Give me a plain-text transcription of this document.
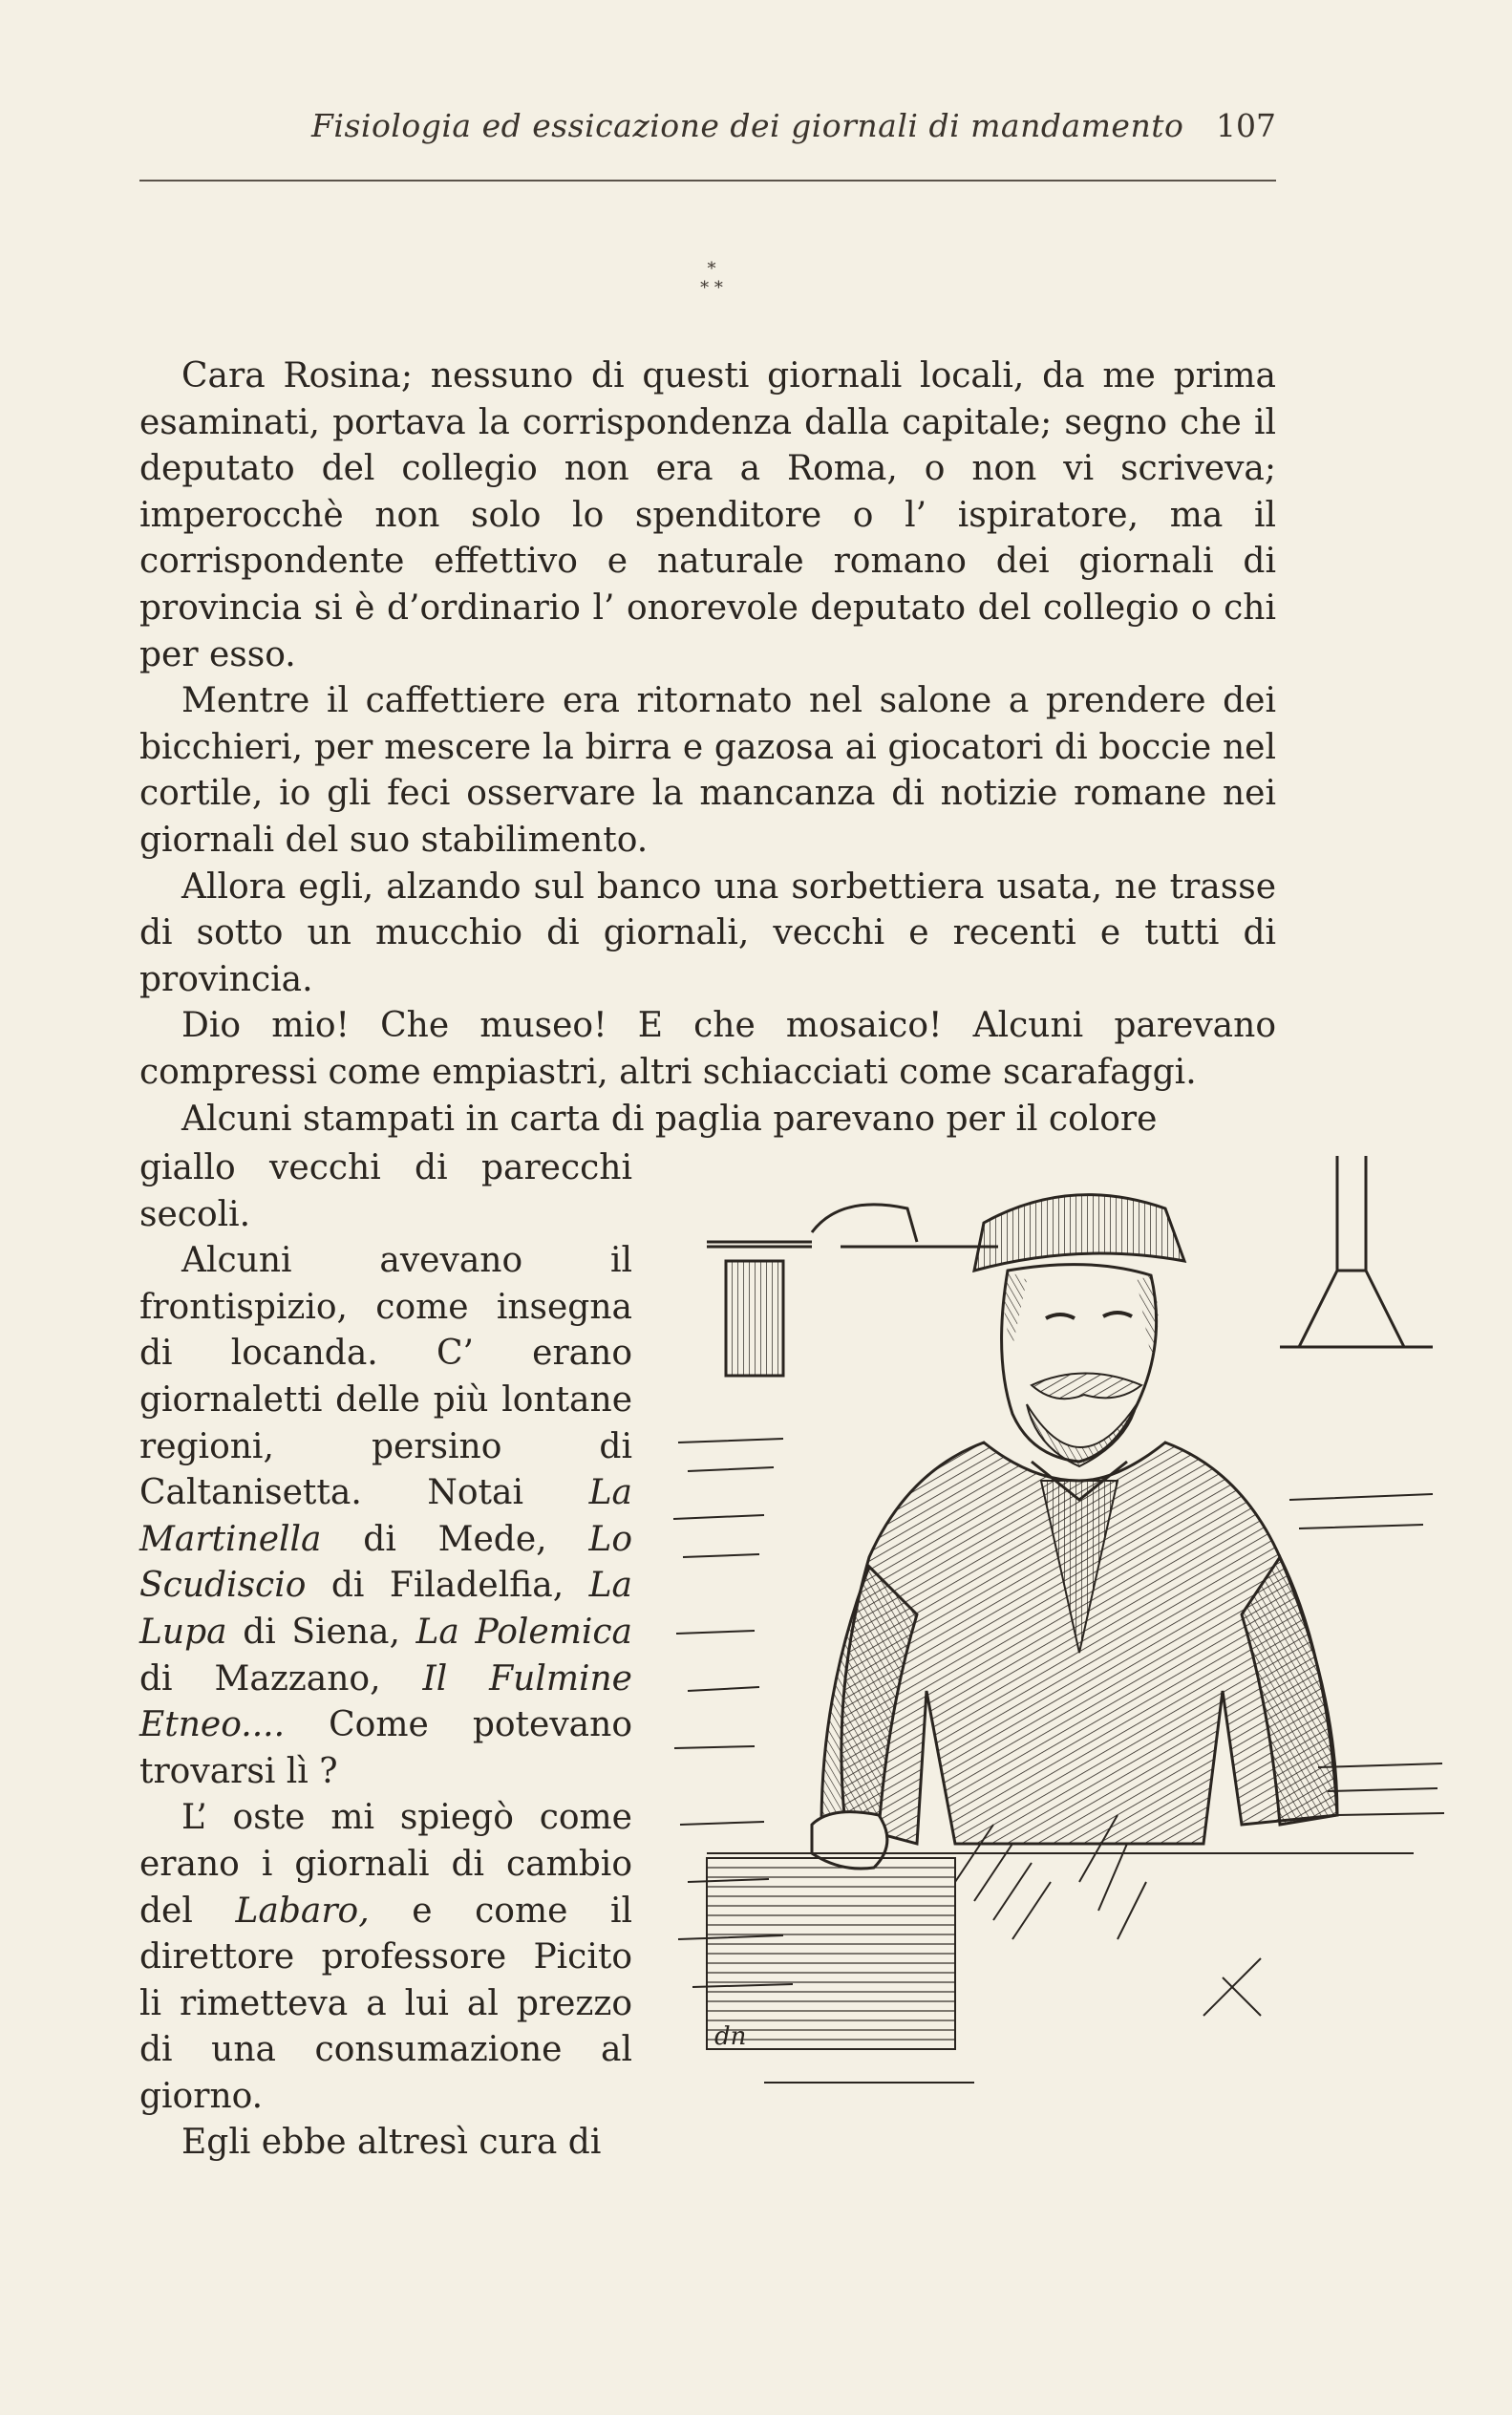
Fisiologia ed essicazione dei giornali di mandamento 107
*
* *

Cara Rosina; nessuno di questi giornali locali, da me prima esaminati, portava la corrispondenza dalla capitale; segno che il deputato del collegio non era a Roma, o non vi scriveva; imperocchè non solo lo spenditore o l’ ispiratore, ma il corrispondente effettivo e naturale romano dei giornali di provincia si è d’ordinario l’ onorevole deputato del collegio o chi per esso.

Mentre il caffettiere era ritornato nel salone a prendere dei bicchieri, per mescere la birra e gazosa ai giocatori di boccie nel cortile, io gli feci osservare la mancanza di notizie romane nei giornali del suo stabilimento.

Allora egli, alzando sul banco una sorbettiera usata, ne trasse di sotto un mucchio di giornali, vecchi e recenti e tutti di provincia.

Dio mio! Che museo! E che mosaico! Alcuni parevano compressi come empiastri, altri schiacciati come scarafaggi.

Alcuni stampati in carta di paglia parevano per il colore

giallo vecchi di parecchi secoli.

Alcuni avevano il frontispizio, come insegna di locanda. C’ erano giornaletti delle più lontane regioni, persino di Caltanisetta. Notai La Martinella di Mede, Lo Scudiscio di Filadelfia, La Lupa di Siena, La Polemica di Mazzano, Il Fulmine Etneo.... Come potevano trovarsi lì ?

L’ oste mi spiegò come erano i giornali di cambio del Labaro, e come il direttore professore Picito li rimetteva a lui al prezzo di una consumazione al giorno.

Egli ebbe altresì cura di

dn
